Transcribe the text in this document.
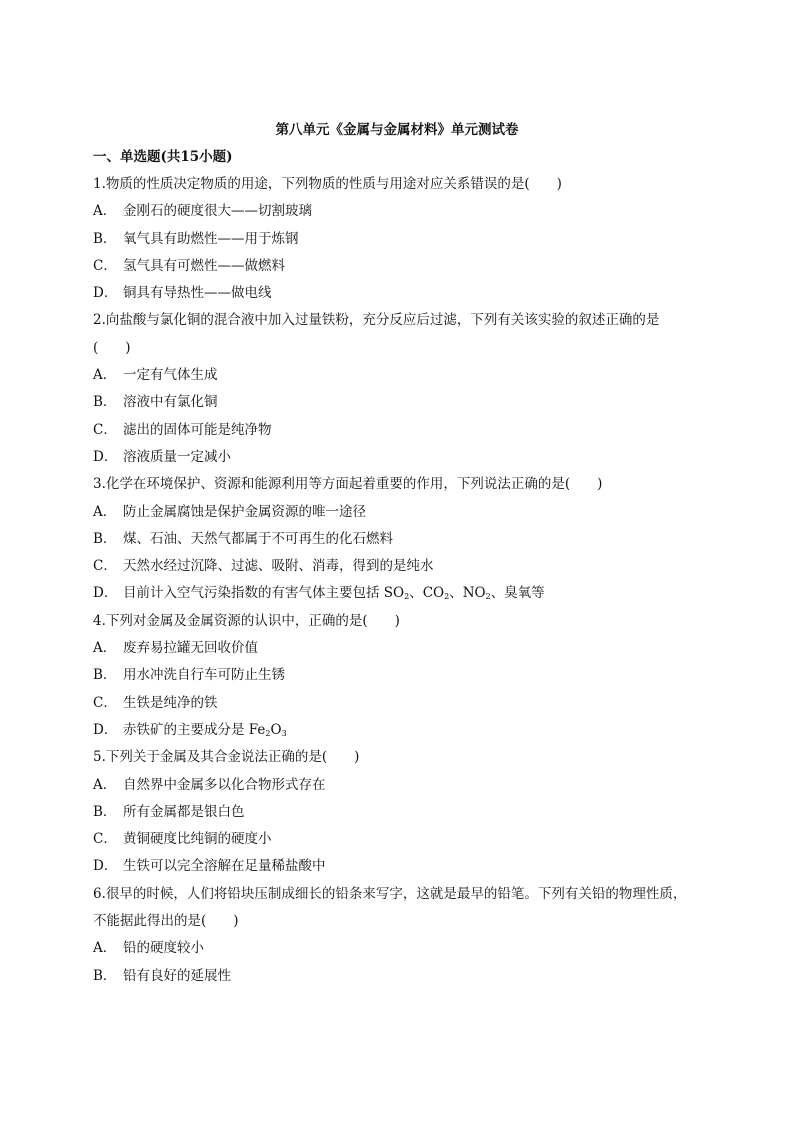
第八单元《金属与金属材料》单元测试卷
一、单选题(共15小题)
1.物质的性质决定物质的用途，下列物质的性质与用途对应关系错误的是(　　)
A． 金刚石的硬度很大——切割玻璃
B． 氧气具有助燃性——用于炼钢
C． 氢气具有可燃性——做燃料
D． 铜具有导热性——做电线
2.向盐酸与氯化铜的混合液中加入过量铁粉，充分反应后过滤，下列有关该实验的叙述正确的是
(　　)
A． 一定有气体生成
B． 溶液中有氯化铜
C． 滤出的固体可能是纯净物
D． 溶液质量一定减小
3.化学在环境保护、资源和能源利用等方面起着重要的作用，下列说法正确的是(　　)
A． 防止金属腐蚀是保护金属资源的唯一途径
B． 煤、石油、天然气都属于不可再生的化石燃料
C． 天然水经过沉降、过滤、吸附、消毒，得到的是纯水
D． 目前计入空气污染指数的有害气体主要包括 $SO_2$、$CO_2$、$NO_2$、臭氧等
4.下列对金属及金属资源的认识中，正确的是(　　)
A． 废弃易拉罐无回收价值
B． 用水冲洗自行车可防止生锈
C． 生铁是纯净的铁
D． 赤铁矿的主要成分是 $Fe_2O_3$
5.下列关于金属及其合金说法正确的是(　　)
A． 自然界中金属多以化合物形式存在
B． 所有金属都是银白色
C． 黄铜硬度比纯铜的硬度小
D． 生铁可以完全溶解在足量稀盐酸中
6.很早的时候，人们将铅块压制成细长的铅条来写字，这就是最早的铅笔。下列有关铅的物理性质，
不能据此得出的是(　　)
A． 铅的硬度较小
B． 铅有良好的延展性
